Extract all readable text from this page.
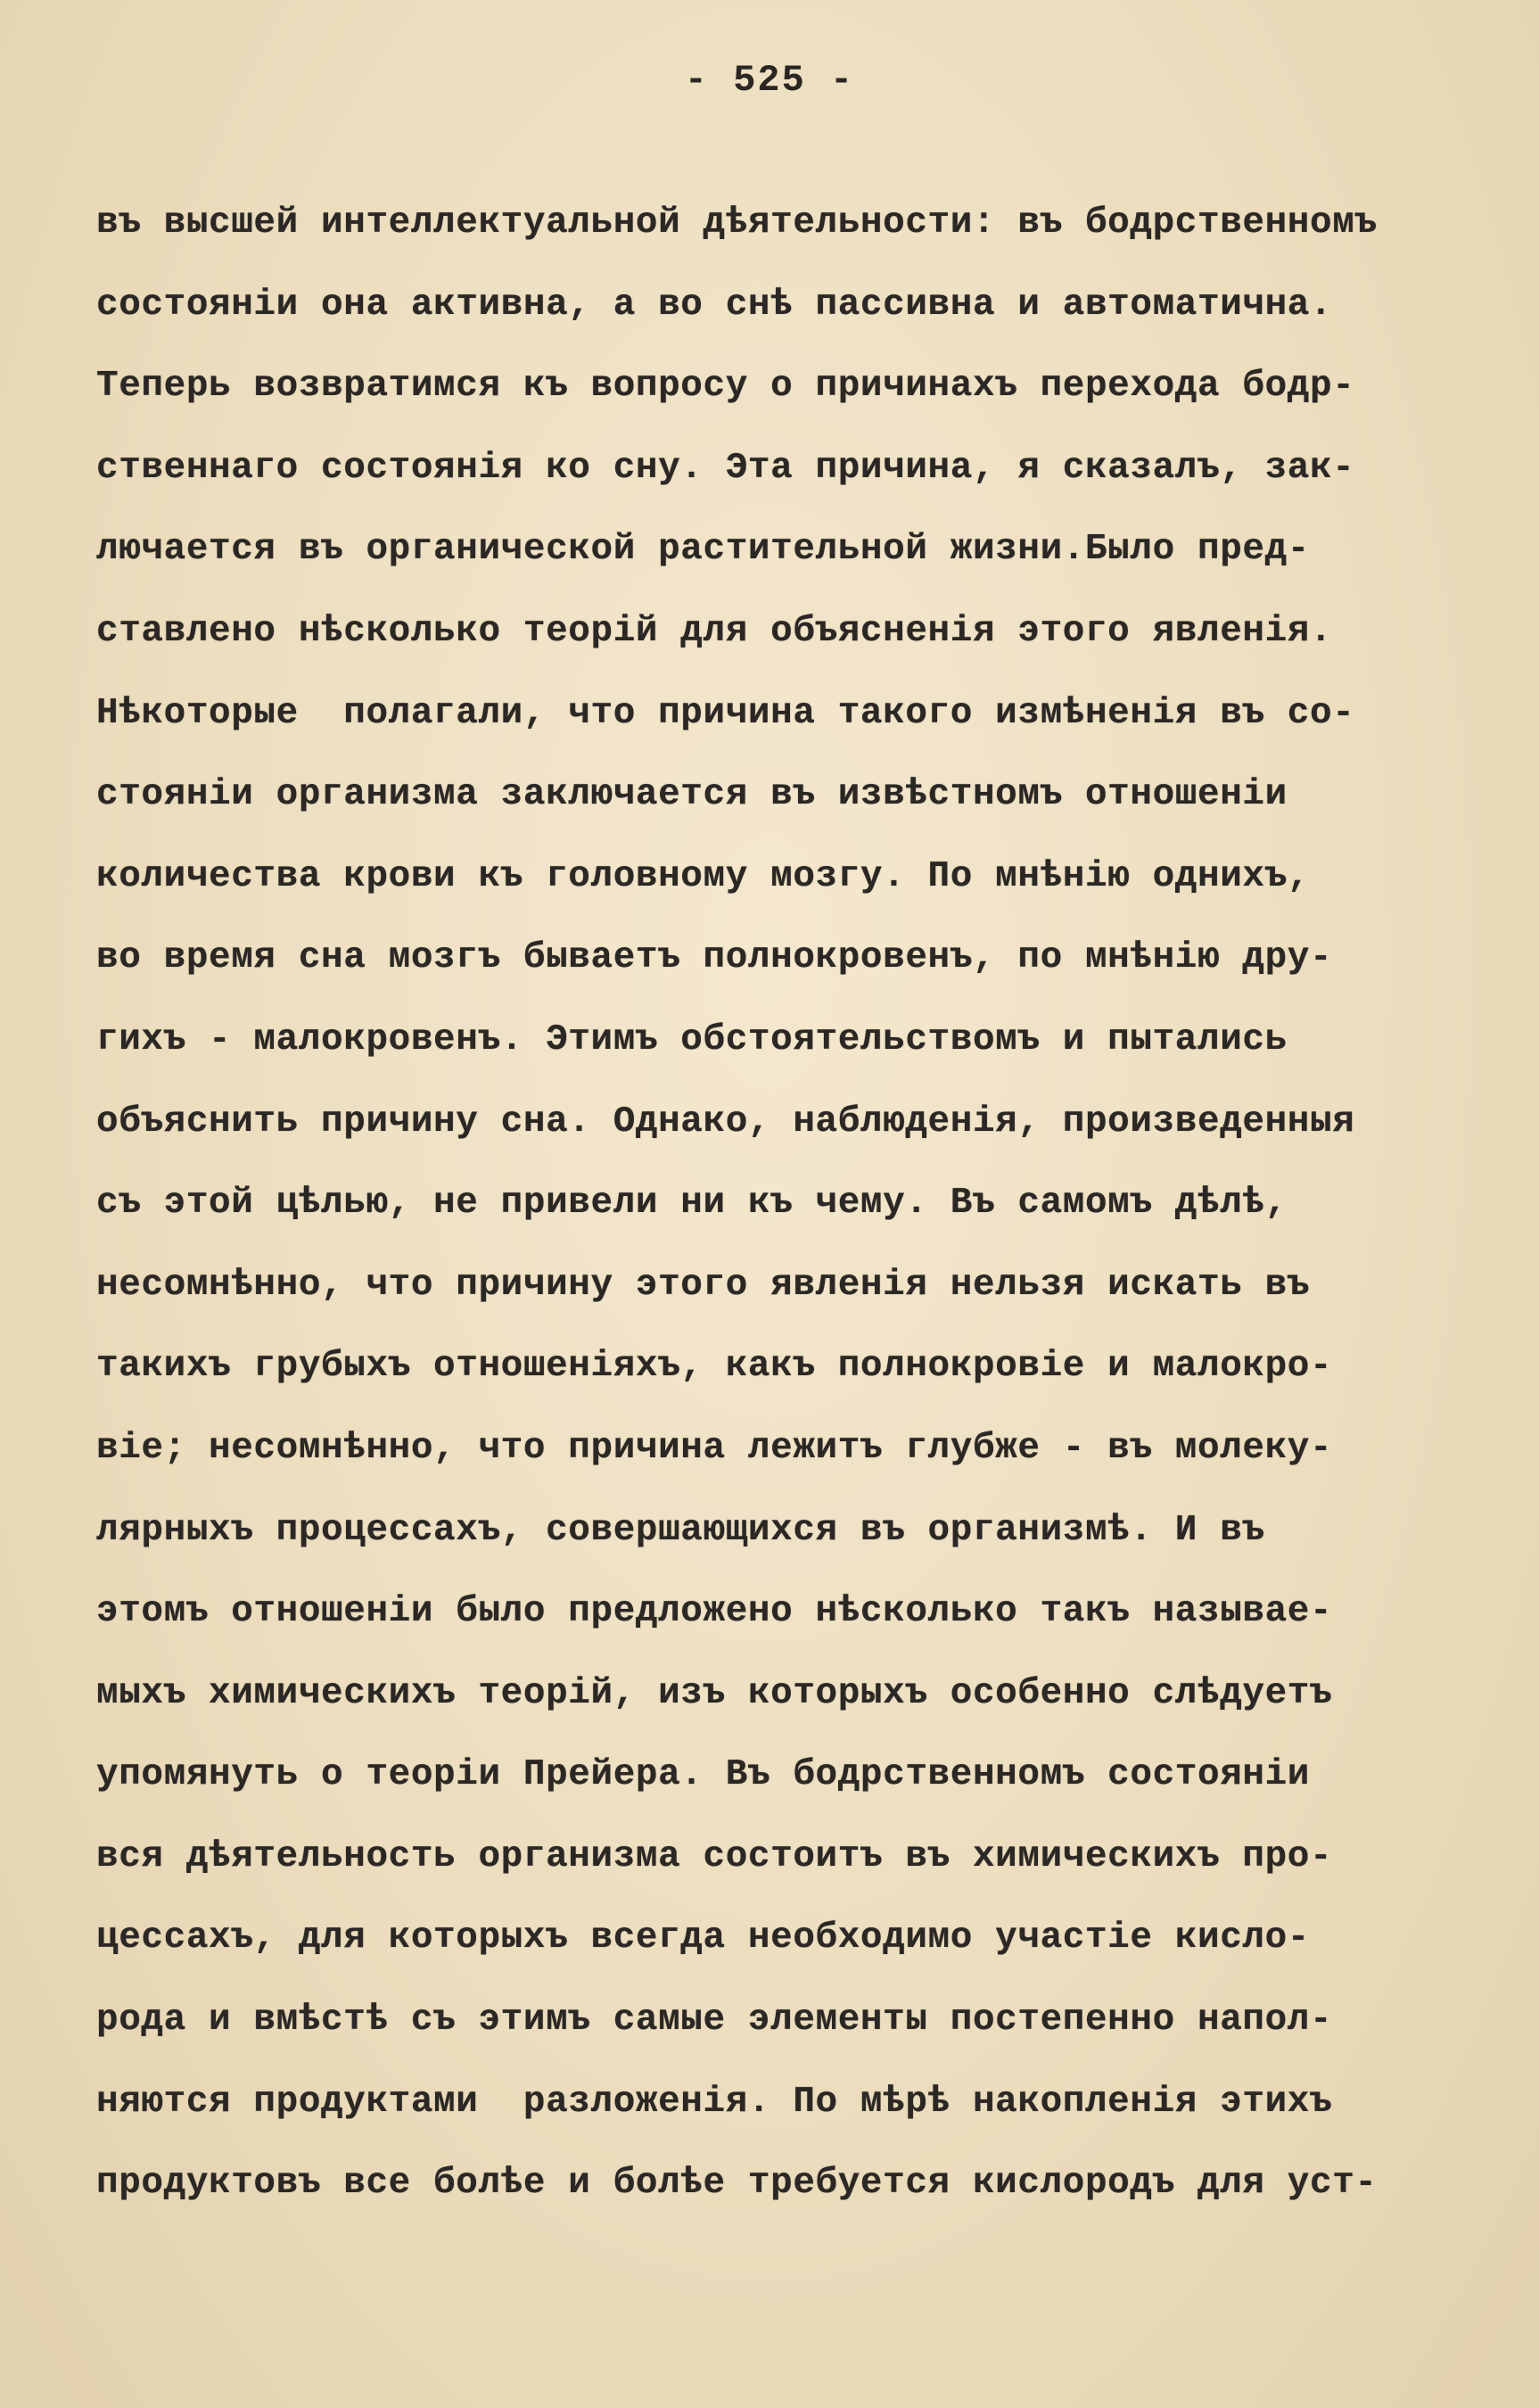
- 525 -
въ высшей интеллектуальной дѣятельности: въ бодрственномъ
состоянiи она активна, а во снѣ пассивна и автоматична.
Теперь возвратимся къ вопросу о причинахъ перехода бодр-
ственнаго состоянiя ко сну. Эта причина, я сказалъ, зак-
лючается въ органической растительной жизни.Было пред-
ставлено нѣсколько теорiй для объясненiя этого явленiя.
Нѣкоторые  полагали, что причина такого измѣненiя въ со-
стоянiи организма заключается въ извѣстномъ отношенiи
количества крови къ головному мозгу. По мнѣнiю однихъ,
во время сна мозгъ бываетъ полнокровенъ, по мнѣнiю дру-
гихъ - малокровенъ. Этимъ обстоятельствомъ и пытались
объяснить причину сна. Однако, наблюденiя, произведенныя
съ этой цѣлью, не привели ни къ чему. Въ самомъ дѣлѣ,
несомнѣнно, что причину этого явленiя нельзя искать въ
такихъ грубыхъ отношенiяхъ, какъ полнокровiе и малокро-
вiе; несомнѣнно, что причина лежитъ глубже - въ молеку-
лярныхъ процессахъ, совершающихся въ организмѣ. И въ
этомъ отношенiи было предложено нѣсколько такъ называе-
мыхъ химическихъ теорiй, изъ которыхъ особенно слѣдуетъ
упомянуть о теорiи Прейера. Въ бодрственномъ состоянiи
вся дѣятельность организма состоитъ въ химическихъ про-
цессахъ, для которыхъ всегда необходимо участiе кисло-
рода и вмѣстѣ съ этимъ самые элементы постепенно напол-
няются продуктами  разложенiя. По мѣрѣ накопленiя этихъ
продуктовъ все болѣе и болѣе требуется кислородъ для уст-
